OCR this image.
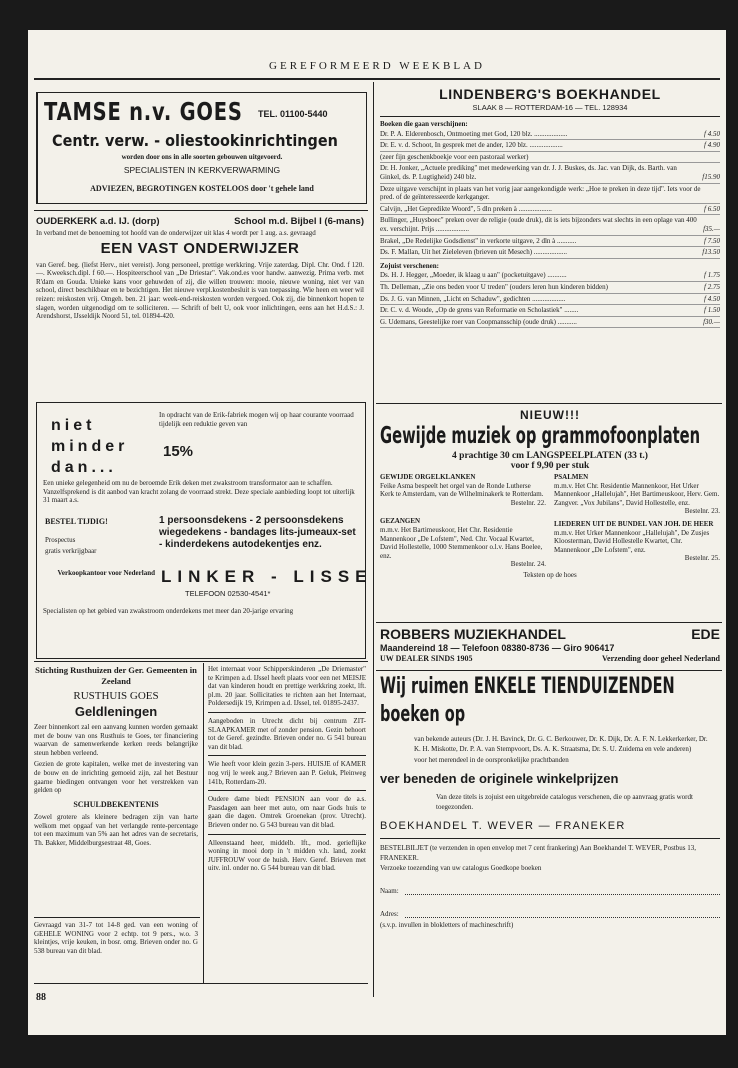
GEREFORMEERD WEEKBLAD
TAMSE n.v. GOES	TEL. 01100-5440
Centr. verw. - oliestookinrichtingen
worden door ons in alle soorten gebouwen uitgevoerd.
SPECIALISTEN IN KERKVERWARMING
ADVIEZEN, BEGROTINGEN KOSTELOOS door 't gehele land
OUDERKERK a.d. IJ. (dorp)	School m.d. Bijbel I (6-mans)

In verband met de benoeming tot hoofd van de onderwijzer uit klas 4 wordt per 1 aug. a.s. gevraagd

EEN VAST ONDERWIJZER

van Geref. beg. (liefst Herv., niet vereist). Jong personeel, prettige werkkring. Vrije zaterdag. Dipl. Chr. Ond. f 120.—. Kweeksch.dipl. f 60.—. Hospiteerschool van „De Driestar". Vak.ond.es voor handw. aanwezig. Prima verb. met R'dam en Gouda. Unieke kans voor gehuwden of zij, die willen trouwen: mooie, nieuwe woning, niet ver van school, direct beschikbaar en te bezichtigen. Het nieuwe verpl.kostenbesluit is van toepassing. Wie heen en weer wil reizen: reiskosten vrij. Omgeh. ben. 21 jaar: week-end-reiskosten worden vergoed. Ook zij, die binnenkort hopen te slagen, worden uitgenodigd om te solliciteren. — Schrift of belt U, ook voor inlichtingen, eens aan het H.d.S.: J. Arendshorst, IJsseldijk Noord 51, tel. 01894-420.

niet
minder
dan...

In opdracht van de Erik-fabriek mogen wij op haar courante voorraad tijdelijk een reduktie geven van

15%

Een unieke gelegenheid om nu de beroemde Erik deken met zwakstroom transformator aan te schaffen. Vanzelfsprekend is dit aanbod van kracht zolang de voorraad strekt. Deze speciale aanbieding loopt tot uiterlijk 31 maart a.s.

BESTEL TIJDIG!
Prospectus
gratis verkrijgbaar

1 persoonsdekens - 2 persoonsdekens wiegedekens - bandages lits-jumeaux-set - kinderdekens autodekentjes enz.

Verkoopkantoor voor Nederland LINKER - LISSE
TELEFOON 02530-4541*

Specialisten op het gebied van zwakstroom onderdekens met meer dan 20-jarige ervaring

Stichting Rusthuizen der Ger. Gemeenten in Zeeland

RUSTHUIS GOES
Geldleningen

Zeer binnenkort zal een aanvang kunnen worden gemaakt met de bouw van ons Rusthuis te Goes, ter financiering waarvan de samenwerkende kerken reeds belangrijke steun hebben verleend.

Gezien de grote kapitalen, welke met de investering van de bouw en de inrichting gemoeid zijn, zal het Bestuur gaarne biedingen ontvangen voor het verstrekken van gelden op

SCHULDBEKENTENIS

Zowel grotere als kleinere bedragen zijn van harte welkom met opgaaf van het verlangde rente-percentage tot een maximum van 5% aan het adres van de secretaris, Th. Bakker, Middelburgsestraat 48, Goes.

Gevraagd van 31-7 tot 14-8 ged. van een woning of GEHELE WONING voor 2 echtp. tot 9 pers., w.o. 3 kleintjes, vrije keuken, in bosr. omg. Brieven onder no. G 538 bureau van dit blad.

Het internaat voor Schipperskinderen „De Driemaster" te Krimpen a.d. IJssel heeft plaats voor een net MEISJE dat van kinderen houdt en prettige werkkring zoekt, lft. pl.m. 20 jaar. Sollicitaties te richten aan het Internaat, Poldersedijk 19, Krimpen a.d. IJssel, tel. 01895-2437.

Aangeboden in Utrecht dicht bij centrum ZIT-SLAAPKAMER met of zonder pension. Gezin behoort tot de Geref. gezindte. Brieven onder no. G 541 bureau van dit blad.

Wie heeft voor klein gezin 3-pers. HUISJE of KAMER nog vrij le week aug.? Brieven aan P. Geluk, Pleinweg 141b, Rotterdam-20.

Oudere dame biedt PENSION aan voor de a.s. Paasdagen aan heer met auto, om naar Gods huis te gaan die dagen. Omtrek Groenekan (prov. Utrecht). Brieven onder no. G 543 bureau van dit blad.

Alleenstaand heer, middelb. lft., mod. gerieflijke woning in mooi dorp in 't midden v.h. land, zoekt JUFFROUW voor de huish. Herv. Geref. Brieven met uitv. inl. onder no. G 544 bureau van dit blad.

88
LINDENBERG'S BOEKHANDEL
SLAAK 8 — ROTTERDAM-16 — TEL. 128934
Boeken die gaan verschijnen:
Dr. P. A. Elderenbosch, Ontmoeting met God, 120 blz. ...................	f 4.50
Dr. E. v. d. Schoot, In gesprek met de ander, 120 blz. ...................	f 4.90
(zeer fijn geschenkboekje voor een pastoraal werker)
Dr. H. Jonker, „Actuele prediking" met medewerking van dr. J. J. Buskes, ds. Jac. van Dijk, ds. Barth. van Ginkel, ds. P. Lugtigheid) 240 blz.	f15.90
Deze uitgave verschijnt in plaats van het vorig jaar aangekondigde werk: „Hoe te preken in deze tijd". Iets voor de pred. of de geïnteresseerde kerkganger.
Calvijn, „Het Gepredikte Woord", 5 dln preken à ...................	f 6.50
Bullinger, „Huysboec" preken over de religie (oude druk), dit is iets bijzonders wat slechts in een oplage van 400 ex. verschijnt. Prijs ...................	f35.—
Brakel, „De Redelijke Godsdienst" in verkorte uitgave, 2 dln à ...........	f 7.50
Ds. F. Mallan, Uit het Zieleleven (brieven uit Mesech) ...................	f13.50
Zojuist verschenen:
Ds. H. J. Hegger, „Moeder, ik klaag u aan" (pocketuitgave) ...........	f 1.75
Th. Delleman, „Zie ons beden voor U treden" (ouders leren hun kinderen bidden)	f 2.75
Ds. J. G. van Minnen, „Licht en Schaduw", gedichten ...................	f 4.50
Dr. C. v. d. Woude, „Op de grens van Reformatie en Scholastiek" ........	f 1.50
G. Udemans, Geestelijke roer van Coopmansschip (oude druk) ...........	f30.—
NIEUW!!!
Gewijde muziek op grammofoonplaten
4 prachtige 30 cm LANGSPEELPLATEN (33 t.)
voor f 9,90 per stuk
GEWIJDE ORGELKLANKEN

Feike Asma bespeelt het orgel van de Ronde Lutherse Kerk te Amsterdam, van de Wilhelminakerk te Rotterdam.

Bestelnr. 22.
GEZANGEN

m.m.v. Het Bartimeuskoor, Het Chr. Residentie Mannenkoor „De Lofstem", Ned. Chr. Vocaal Kwartet, David Hollestelle, 1000 Stemmenkoor o.l.v. Hans Boelee, enz.

Bestelnr. 24.
PSALMEN

m.m.v. Het Chr. Residentie Mannenkoor, Het Urker Mannenkoor „Hallelujah", Het Bartimeuskoor, Herv. Gem. Zangver. „Vox Jubilans", David Hollestelle, enz.

Bestelnr. 23.
LIEDEREN UIT DE BUNDEL VAN JOH. DE HEER

m.m.v. Het Urker Mannenkoor „Hallelujah", De Zusjes Kloosterman, David Hollestelle Kwartet, Chr. Mannenkoor „De Lofstem", enz.

Bestelnr. 25.
Teksten op de hoes
ROBBERS MUZIEKHANDEL	EDE
Maandereind 18 — Telefoon 08380-8736 — Giro 906417
UW DEALER SINDS 1905	Verzending door geheel Nederland
Wij ruimen ENKELE TIENDUIZENDEN
boeken op

van bekende auteurs (Dr. J. H. Bavinck, Dr. G. C. Berkouwer, Dr. K. Dijk, Dr. A. F. N. Lekkerkerker, Dr. K. H. Miskotte, Dr. P. A. van Stempvoort, Ds. A. K. Straatsma, Dr. S. U. Zuidema en vele anderen)

voor het merendeel in de oorspronkelijke prachtbanden

ver beneden de originele winkelprijzen

Van deze titels is zojuist een uitgebreide catalogus verschenen, die op aanvraag gratis wordt toegezonden.

BOEKHANDEL T. WEVER — FRANEKER

BESTELBILJET (te verzenden in open envelop met 7 cent frankering) Aan Boekhandel T. WEVER, Postbus 13, FRANEKER.

Verzoeke toezending van uw catalogus Goedkope boeken

Naam:
Adres:

(s.v.p. invullen in blokletters of machineschrift)
